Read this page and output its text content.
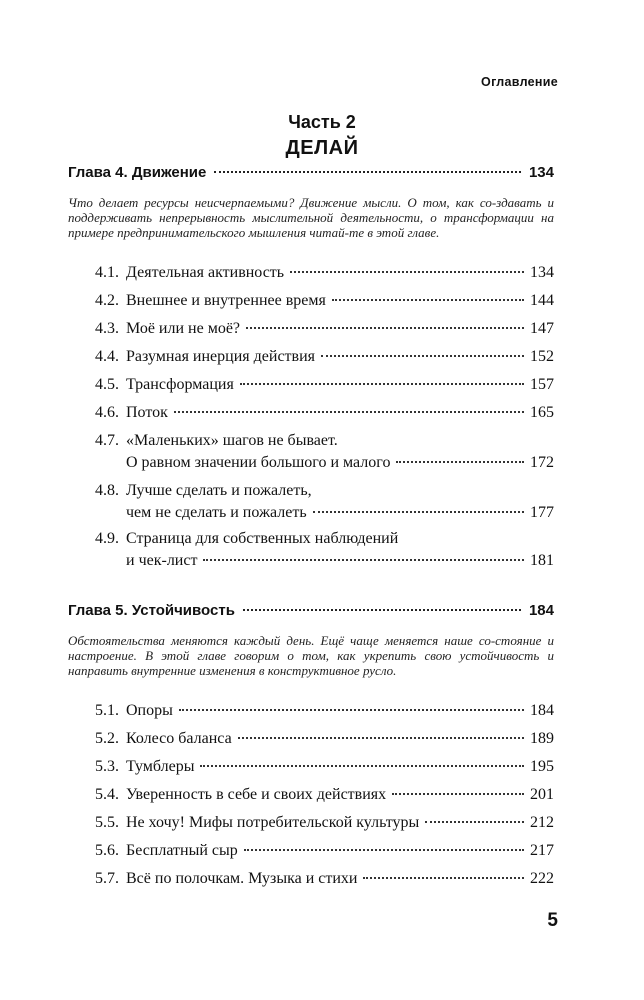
Оглавление
Часть 2
ДЕЛАЙ
Глава 4. Движение	134
Что делает ресурсы неисчерпаемыми? Движение мысли. О том, как со-здавать и поддерживать непрерывность мыслительной деятельности, о трансформации на примере предпринимательского мышления читай-те в этой главе.
4.1. Деятельная активность	134
4.2. Внешнее и внутреннее время	144
4.3. Моё или не моё?	147
4.4. Разумная инерция действия	152
4.5. Трансформация	157
4.6. Поток	165
4.7. «Маленьких» шагов не бывает.
О равном значении большого и малого	172
4.8. Лучше сделать и пожалеть,
чем не сделать и пожалеть	177
4.9. Страница для собственных наблюдений
и чек-лист	181
Глава 5. Устойчивость	184
Обстоятельства меняются каждый день. Ещё чаще меняется наше со-стояние и настроение. В этой главе говорим о том, как укрепить свою устойчивость и направить внутренние изменения в конструктивное русло.
5.1. Опоры	184
5.2. Колесо баланса	189
5.3. Тумблеры	195
5.4. Уверенность в себе и своих действиях	201
5.5. Не хочу! Мифы потребительской культуры	212
5.6. Бесплатный сыр	217
5.7. Всё по полочкам. Музыка и стихи	222
5
